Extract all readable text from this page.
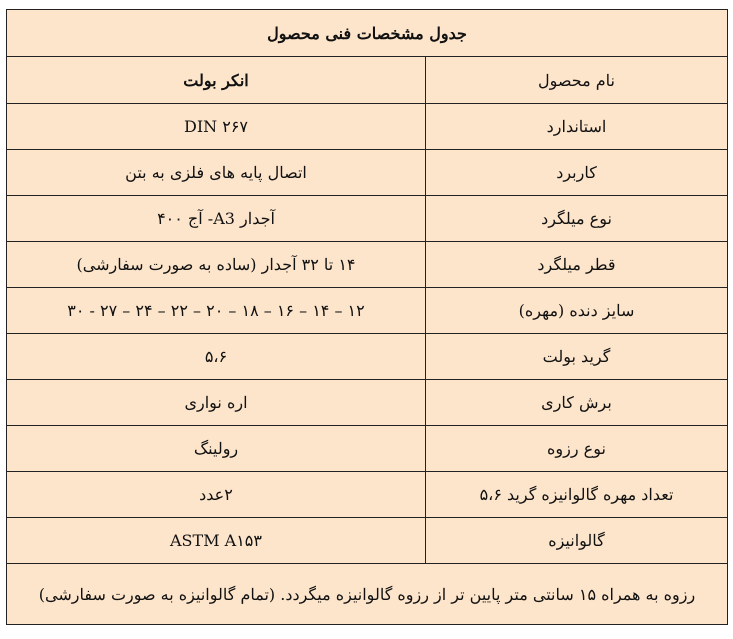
جدول مشخصات فنی محصول	
نام محصول	انکر بولت
استاندارد	DIN ۲۶۷
کاربرد	اتصال پایه های فلزی به بتن
نوع میلگرد	آجدار A3- آج ۴۰۰
قطر میلگرد	۱۴ تا ۳۲ آجدار (ساده به صورت سفارشی)
سایز دنده (مهره)	۱۲ – ۱۴ – ۱۶ – ۱۸ – ۲۰ – ۲۲ – ۲۴ – ۲۷ - ۳۰
گرید بولت	۵،۶
برش کاری	اره نواری
نوع رزوه	رولینگ
تعداد مهره گالوانیزه گرید ۵،۶	۲عدد
گالوانیزه	ASTM A۱۵۳
رزوه به همراه ۱۵ سانتی متر پایین تر از رزوه گالوانیزه میگردد. (تمام گالوانیزه به صورت سفارشی)	
